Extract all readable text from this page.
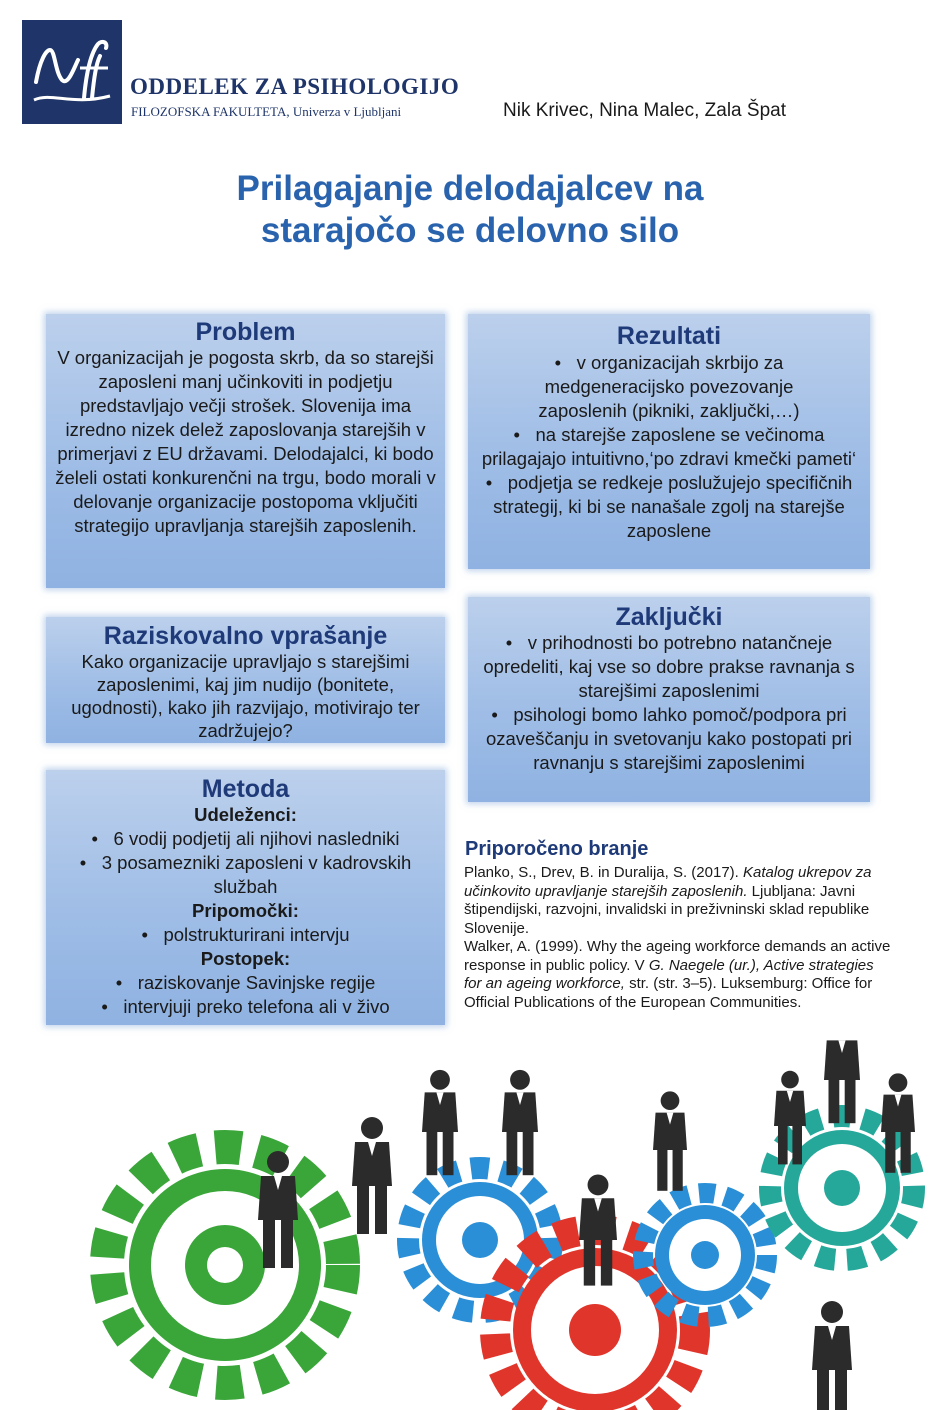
ODDELEK ZA PSIHOLOGIJO
FILOZOFSKA FAKULTETA, Univerza v Ljubljani	Nik Krivec, Nina Malec, Zala Špat
Prilagajanje delodajalcev na
starajočo se delovno silo
Problem

V organizacijah je pogosta skrb, da so starejši zaposleni manj učinkoviti in podjetju predstavljajo večji strošek. Slovenija ima izredno nizek delež zaposlovanja starejših v primerjavi z EU državami. Delodajalci, ki bodo želeli ostati konkurenčni na trgu, bodo morali v delovanje organizacije postopoma vključiti strategijo upravljanja starejših zaposlenih.

Raziskovalno vprašanje

Kako organizacije upravljajo s starejšimi zaposlenimi, kaj jim nudijo (bonitete, ugodnosti), kako jih razvijajo, motivirajo ter zadržujejo?

Metoda
Udeleženci:
• 6 vodij podjetij ali njihovi nasledniki
• 3 posamezniki zaposleni v kadrovskih službah
Pripomočki:
• polstrukturirani intervju
Postopek:
• raziskovanje Savinjske regije
• intervjuji preko telefona ali v živo
Rezultati
• v organizacijah skrbijo za medgeneracijsko povezovanje zaposlenih (pikniki, zaključki,…)
• na starejše zaposlene se večinoma prilagajajo intuitivno,‘po zdravi kmečki pameti‘
• podjetja se redkeje poslužujejo specifičnih strategij, ki bi se nanašale zgolj na starejše zaposlene
Zaključki
• v prihodnosti bo potrebno natančneje opredeliti, kaj vse so dobre prakse ravnanja s starejšimi zaposlenimi
• psihologi bomo lahko pomoč/podpora pri ozaveščanju in svetovanju kako postopati pri ravnanju s starejšimi zaposlenimi
Priporočeno branje

Planko, S., Drev, B. in Duralija, S. (2017). Katalog ukrepov za učinkovito upravljanje starejših zaposlenih. Ljubljana: Javni štipendijski, razvojni, invalidski in preživninski sklad republike Slovenije.

Walker, A. (1999). Why the ageing workforce demands an active response in public policy. V G. Naegele (ur.), Active strategies for an ageing workforce, str. (str. 3–5). Luksemburg: Office for Official Publications of the European Communities.
